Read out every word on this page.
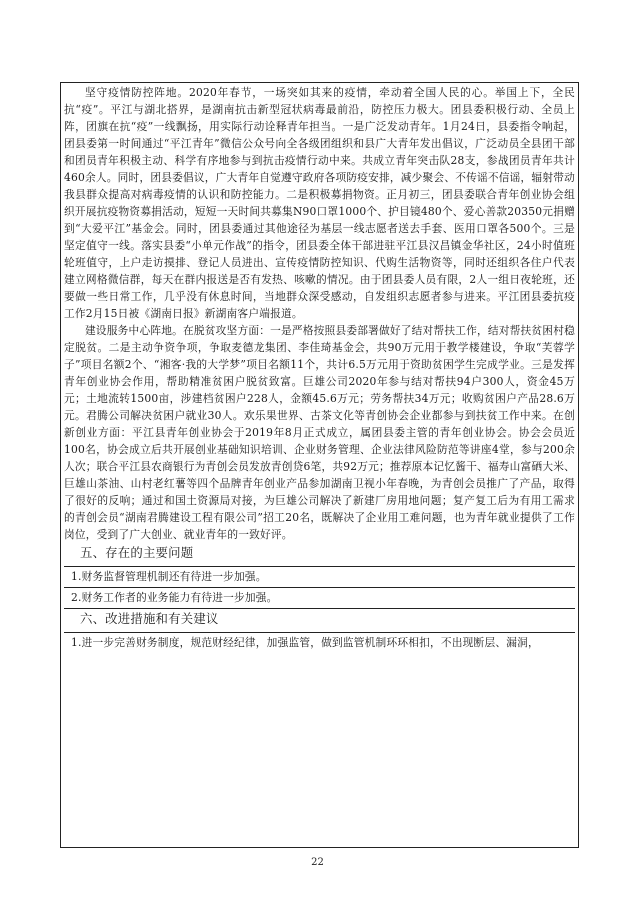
坚守疫情防控阵地。2020年春节，一场突如其来的疫情，牵动着全国人民的心。举国上下，全民抗“疫”。平江与湖北搭界，是湖南抗击新型冠状病毒最前沿，防控压力极大。团县委积极行动、全员上阵，团旗在抗“疫”一线飘扬，用实际行动诠释青年担当。一是广泛发动青年。1月24日，县委指令响起，团县委第一时间通过“平江青年”微信公众号向全各级团组织和县广大青年发出倡议，广泛动员全县团干部和团员青年积极主动、科学有序地参与到抗击疫情行动中来。共成立青年突击队28支，参战团员青年共计460余人。同时，团县委倡议，广大青年自觉遵守政府各项防疫安排，减少聚会、不传谣不信谣，辐射带动我县群众提高对病毒疫情的认识和防控能力。二是积极募捐物资。正月初三，团县委联合青年创业协会组织开展抗疫物资募捐活动，短短一天时间共募集N90口罩1000个、护目镜480个、爱心善款20350元捐赠到“大爱平江”基金会。同时，团县委通过其他途径为基层一线志愿者送去手套、医用口罩各500个。三是坚定值守一线。落实县委“小单元作战”的指令，团县委全体干部进驻平江县汉昌镇金华社区，24小时值班轮班值守，上户走访摸排、登记人员进出、宣传疫情防控知识、代购生活物资等，同时还组织各住户代表建立网格微信群，每天在群内报送是否有发热、咳嗽的情况。由于团县委人员有限，2人一组日夜轮班，还要做一些日常工作，几乎没有休息时间，当地群众深受感动，自发组织志愿者参与进来。平江团县委抗疫工作2月15日被《湖南日报》新湖南客户端报道。

建设服务中心阵地。在脱贫攻坚方面：一是严格按照县委部署做好了结对帮扶工作，结对帮扶贫困村稳定脱贫。二是主动争资争项，争取麦德龙集团、李佳琦基金会，共90万元用于教学楼建设，争取“芙蓉学子”项目名额2个、“湘客·我的大学梦”项目名额11个，共计6.5万元用于资助贫困学生完成学业。三是发挥青年创业协会作用，帮助精准贫困户脱贫致富。巨雄公司2020年参与结对帮扶94户300人，资金45万元；土地流转1500亩，涉建档贫困户228人，金额45.6万元；劳务帮扶34万元；收购贫困户产品28.6万元。君腾公司解决贫困户就业30人。欢乐果世界、古茶文化等青创协会企业都参与到扶贫工作中来。在创新创业方面：平江县青年创业协会于2019年8月正式成立，属团县委主管的青年创业协会。协会会员近100名，协会成立后共开展创业基础知识培训、企业财务管理、企业法律风险防范等讲座4堂，参与200余人次；联合平江县农商银行为青创会员发放青创贷6笔，共92万元；推荐原本记忆酱干、福寿山富硒大米、巨雄山茶油、山村老红薯等四个品牌青年创业产品参加湖南卫视小年春晚，为青创会员推广了产品，取得了很好的反响；通过和国土资源局对接，为巨雄公司解决了新建厂房用地问题；复产复工后为有用工需求的青创会员“湖南君腾建设工程有限公司”招工20名，既解决了企业用工难问题，也为青年就业提供了工作岗位，受到了广大创业、就业青年的一致好评。

五、存在的主要问题

1.财务监督管理机制还有待进一步加强。

2.财务工作者的业务能力有待进一步加强。

六、改进措施和有关建议

1.进一步完善财务制度，规范财经纪律，加强监管，做到监管机制环环相扣，不出现断层、漏洞，

22
